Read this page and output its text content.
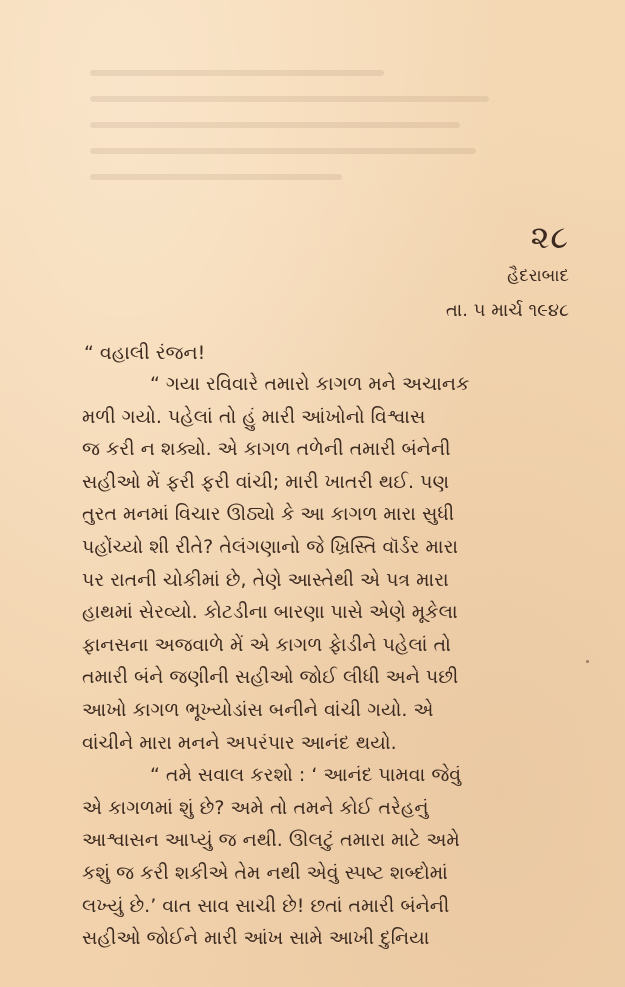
૨૮
હૈદરાબાદ
તા. ૫ માર્ચ ૧૯૪૮
“ વહાલી રંજન!
“ ગયા રવિવારે તમારો કાગળ મને અચાનક
મળી ગયો. પહેલાં તો હું મારી આંખોનો વિશ્વાસ
જ કરી ન શક્યો. એ કાગળ તળેની તમારી બંનેની
સહીઓ મેં ફરી ફરી વાંચી; મારી ખાતરી થઈ. પણ
તુરત મનમાં વિચાર ઊઠ્યો કે આ કાગળ મારા સુધી
પહોંચ્યો શી રીતે? તેલંગણાનો જે ખ્રિસ્તિ વૉર્ડર મારા
પર રાતની ચોકીમાં છે, તેણે આસ્તેથી એ પત્ર મારા
હાથમાં સેરવ્યો. કોટડીના બારણા પાસે એણે મૂકેલા
ફાનસના અજવાળે મેં એ કાગળ ફેાડીને પહેલાં તો
તમારી બંને જણીની સહીઓ જોઈ લીધી અને પછી
આખો કાગળ ભૂખ્યોડાંસ બનીને વાંચી ગયો. એ
વાંચીને મારા મનને અપરંપાર આનંદ થયો.
“ તમે સવાલ કરશો : ‘ આનંદ પામવા જેવું
એ કાગળમાં શું છે? અમે તો તમને કોઈ તરેહનું
આશ્વાસન આપ્યું જ નથી. ઊલટું તમારા માટે અમે
કશું જ કરી શકીએ તેમ નથી એવું સ્પષ્ટ શબ્દોમાં
લખ્યું છે.’ વાત સાવ સાચી છે! છતાં તમારી બંનેની
સહીઓ જોઈને મારી આંખ સામે આખી દુનિયા
